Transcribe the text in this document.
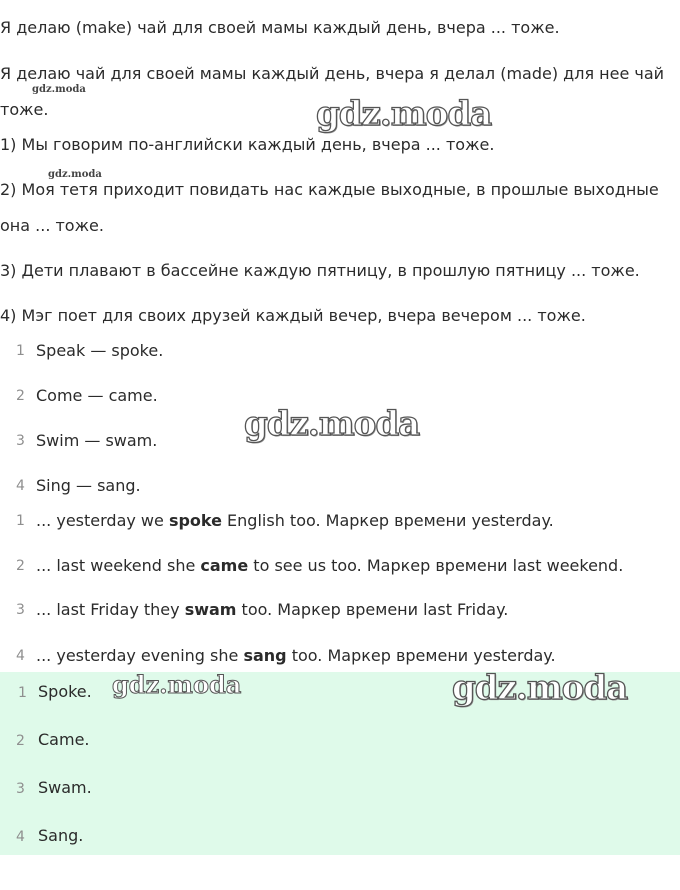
Я делаю (make) чай для своей мамы каждый день, вчера ... тоже.
Я делаю чай для своей мамы каждый день, вчера я делал (made) для нее чай
gdz.moda
тоже.	gdz.moda
1) Мы говорим по-английски каждый день, вчера ... тоже.
gdz.moda
2) Моя тетя приходит повидать нас каждые выходные, в прошлые выходные
она ... тоже.
3) Дети плавают в бассейне каждую пятницу, в прошлую пятницу ... тоже.
4) Мэг поет для своих друзей каждый вечер, вчера вечером ... тоже.
1 Speak — spoke.
2 Come — came.
3 Swim — swam.
4 Sing — sang.
gdz.moda
1 ... yesterday we spoke English too. Маркер времени yesterday.
2 ... last weekend she came to see us too. Маркер времени last weekend.
3 ... last Friday they swam too. Маркер времени last Friday.
4 ... yesterday evening she sang too. Маркер времени yesterday.
1 Spoke.
2 Came.
3 Swam.
4 Sang.
gdz.moda	gdz.moda
